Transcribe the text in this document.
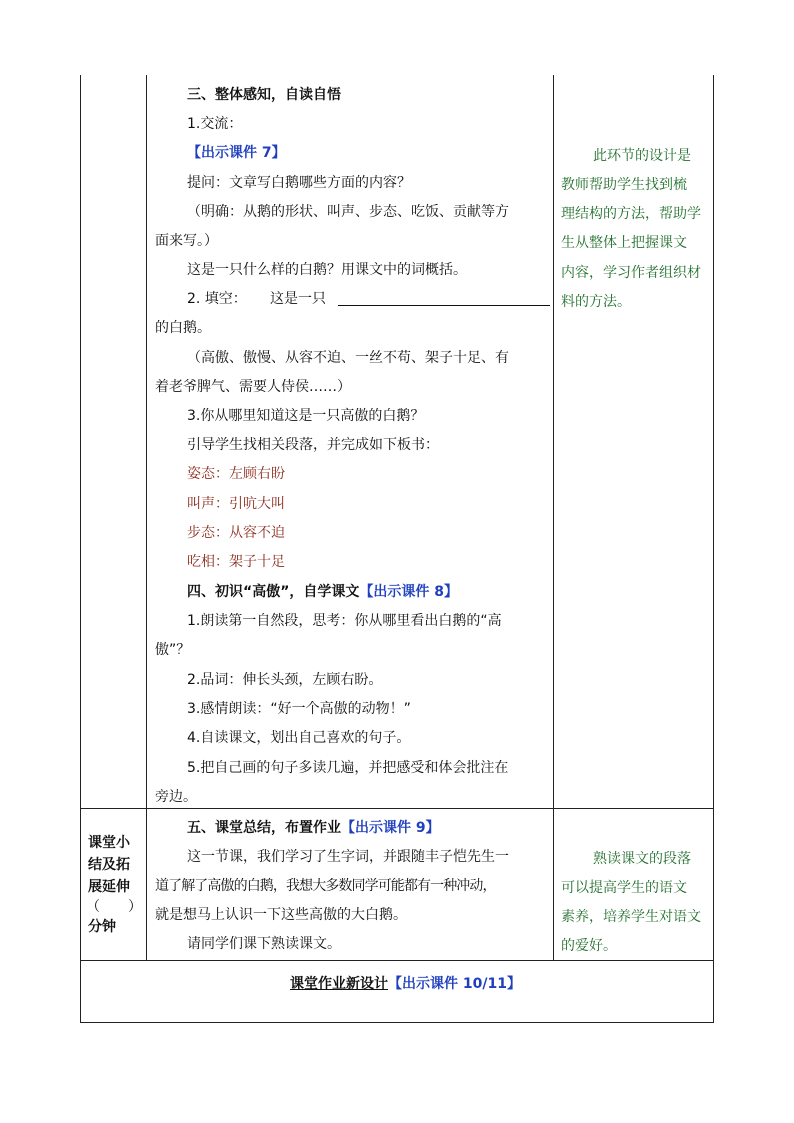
三、整体感知，自读自悟
1.交流：
【出示课件 7】
提问：文章写白鹅哪些方面的内容？
（明确：从鹅的形状、叫声、步态、吃饭、贡献等方
面来写。）
这是一只什么样的白鹅？用课文中的词概括。
2. 填空： 这是一只
的白鹅。
（高傲、傲慢、从容不迫、一丝不苟、架子十足、有
着老爷脾气、需要人侍侯……）
3.你从哪里知道这是一只高傲的白鹅？
引导学生找相关段落，并完成如下板书：
姿态：左顾右盼
叫声：引吭大叫
步态：从容不迫
吃相：架子十足
四、初识“高傲”，自学课文【出示课件 8】
1.朗读第一自然段，思考：你从哪里看出白鹅的“高
傲”？
2.品词：伸长头颈，左顾右盼。
3.感情朗读：“好一个高傲的动物！”
4.自读课文，划出自己喜欢的句子。
5.把自己画的句子多读几遍，并把感受和体会批注在
旁边。
此环节的设计是
教师帮助学生找到梳
理结构的方法，帮助学
生从整体上把握课文
内容，学习作者组织材
料的方法。
课堂小
结及拓
展延伸
（　　）
分钟
五、课堂总结，布置作业【出示课件 9】
这一节课，我们学习了生字词，并跟随丰子恺先生一
道了解了高傲的白鹅，我想大多数同学可能都有一种冲动，
就是想马上认识一下这些高傲的大白鹅。
请同学们课下熟读课文。
熟读课文的段落
可以提高学生的语文
素养，培养学生对语文
的爱好。
课堂作业新设计【出示课件 10/11】
